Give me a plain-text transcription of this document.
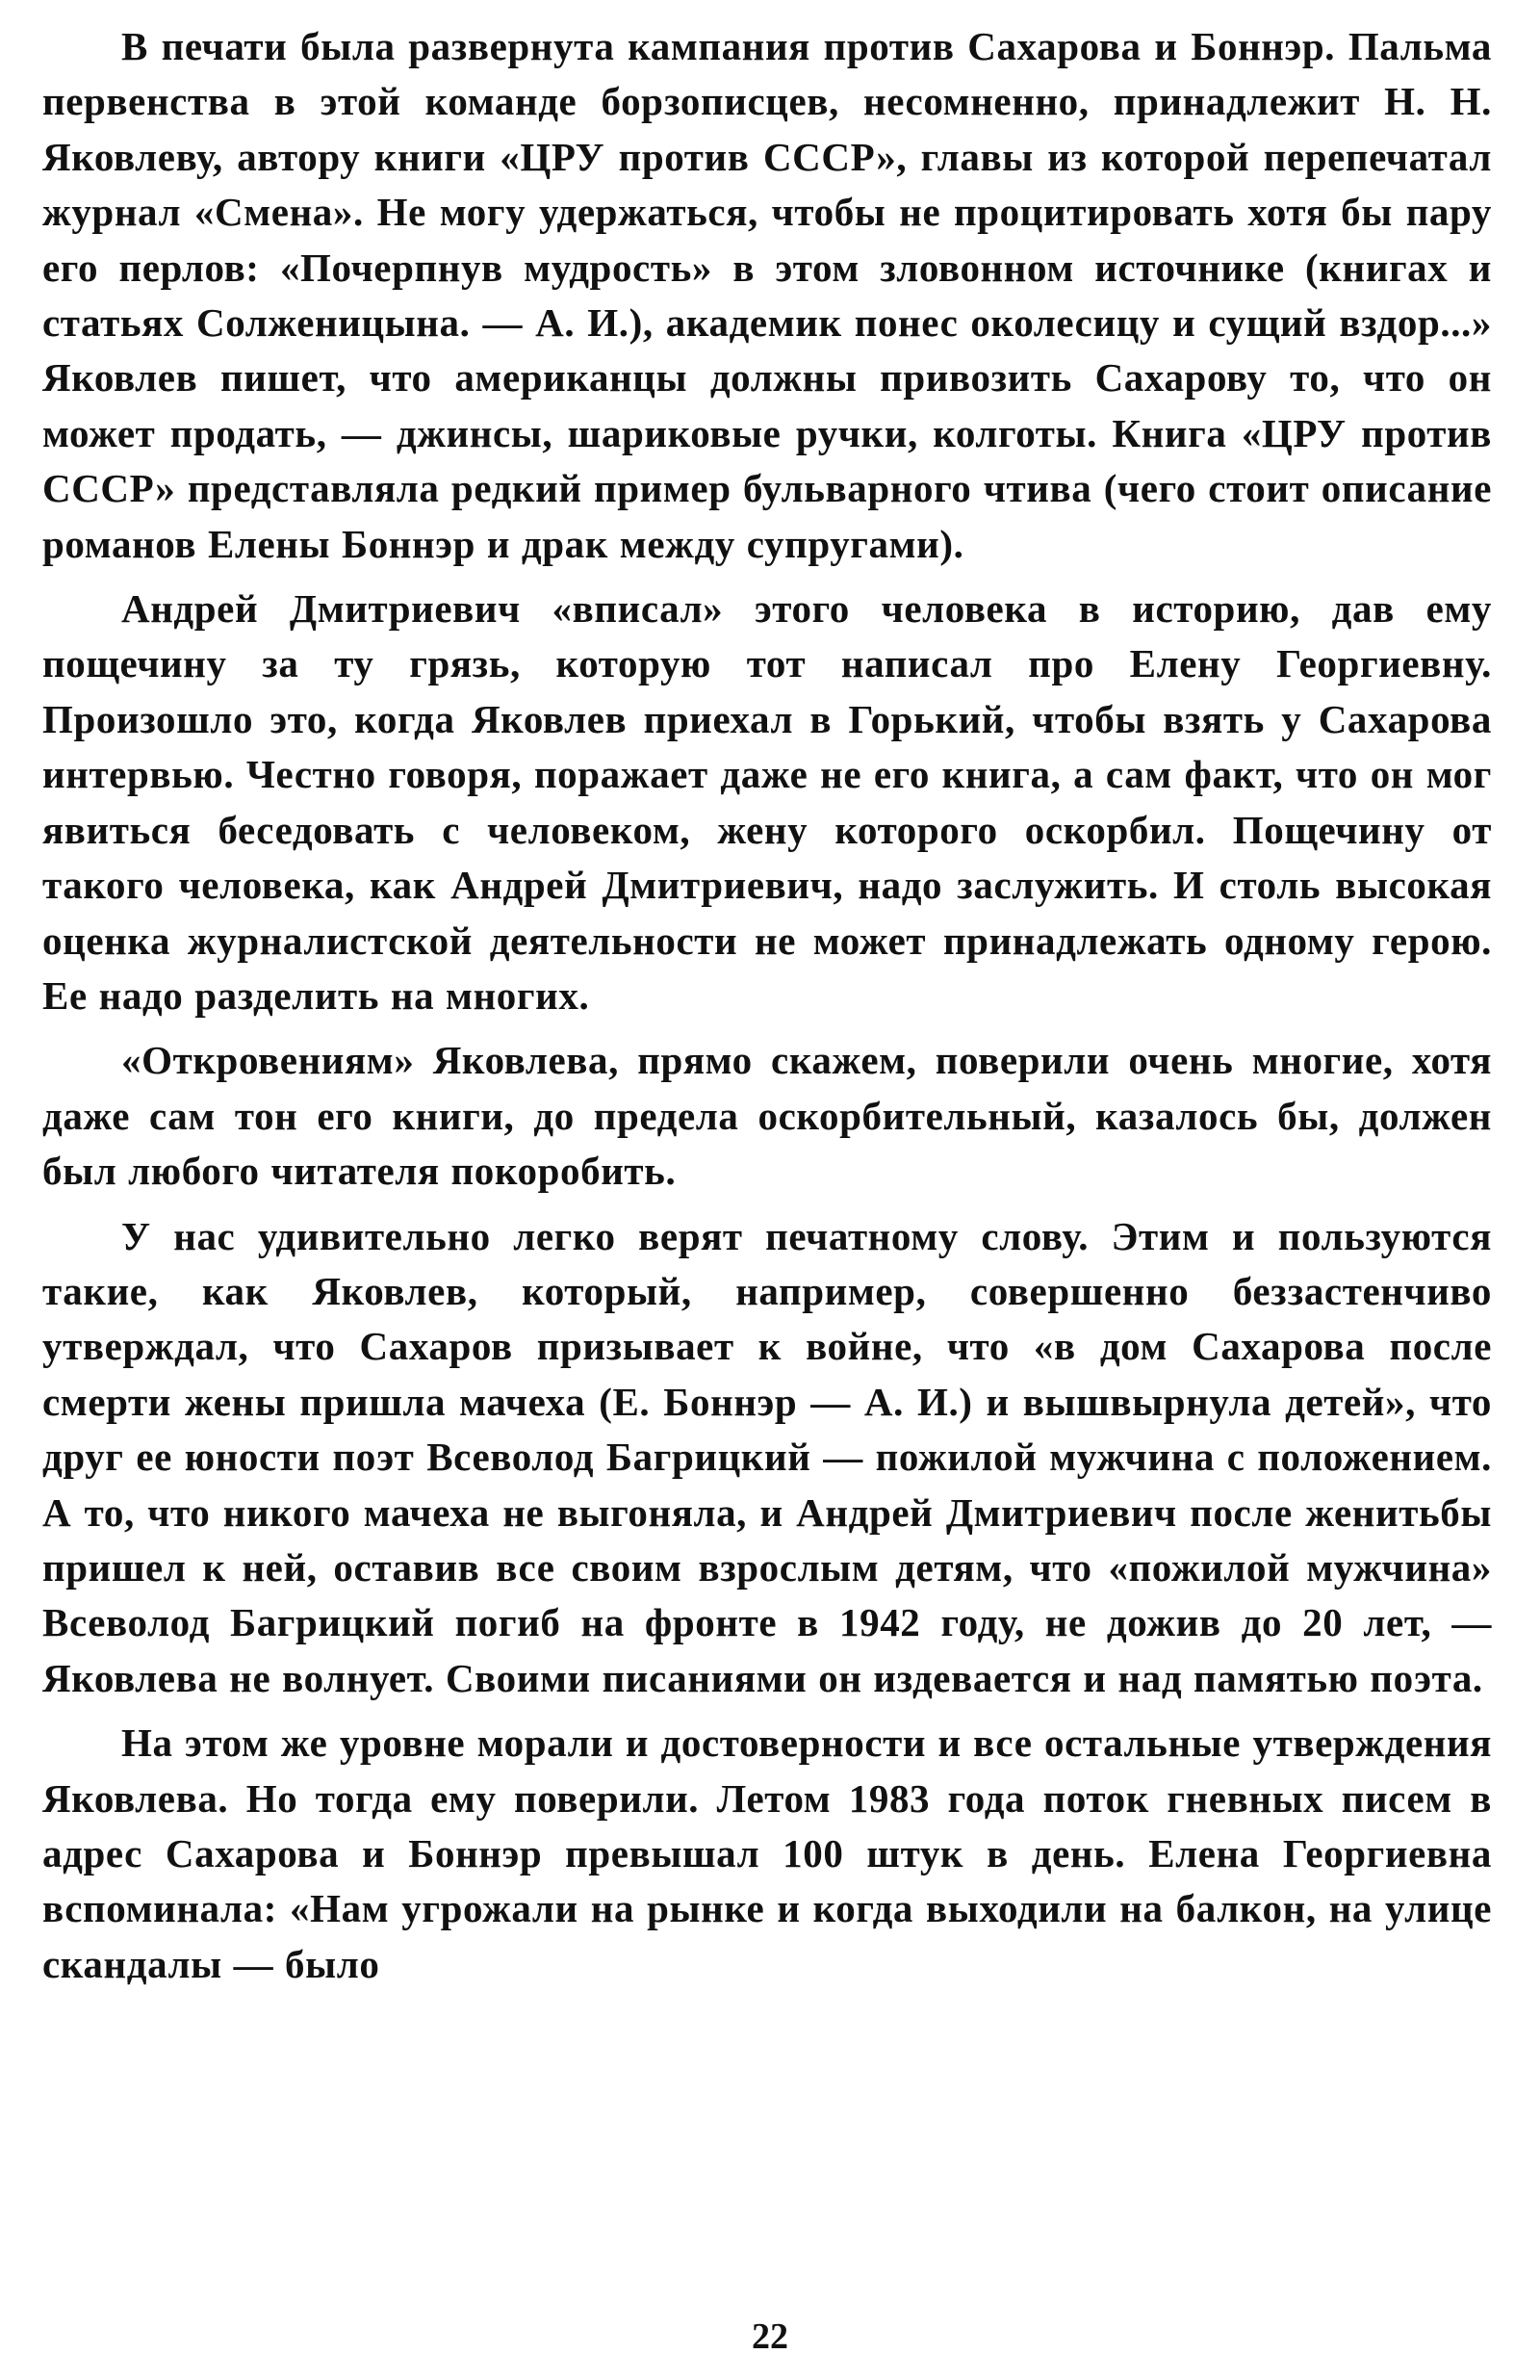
В печати была развернута кампания против Сахарова и Боннэр. Пальма первенства в этой команде борзописцев, несомненно, принадлежит Н. Н. Яковлеву, автору книги «ЦРУ против СССР», главы из которой перепечатал журнал «Смена». Не могу удержаться, чтобы не процитировать хотя бы пару его перлов: «Почерпнув мудрость» в этом зловонном источнике (книгах и статьях Солженицына. — А. И.), академик понес околесицу и сущий вздор...» Яковлев пишет, что американцы должны привозить Сахарову то, что он может продать, — джинсы, шариковые ручки, колготы. Книга «ЦРУ против СССР» представляла редкий пример бульварного чтива (чего стоит описание романов Елены Боннэр и драк между супругами).

Андрей Дмитриевич «вписал» этого человека в историю, дав ему пощечину за ту грязь, которую тот написал про Елену Георгиевну. Произошло это, когда Яковлев приехал в Горький, чтобы взять у Сахарова интервью. Честно говоря, поражает даже не его книга, а сам факт, что он мог явиться беседовать с человеком, жену которого оскорбил. Пощечину от такого человека, как Андрей Дмитриевич, надо заслужить. И столь высокая оценка журналистской деятельности не может принадлежать одному герою. Ее надо разделить на многих.

«Откровениям» Яковлева, прямо скажем, поверили очень многие, хотя даже сам тон его книги, до предела оскорбительный, казалось бы, должен был любого читателя покоробить.

У нас удивительно легко верят печатному слову. Этим и пользуются такие, как Яковлев, который, например, совершенно беззастенчиво утверждал, что Сахаров призывает к войне, что «в дом Сахарова после смерти жены пришла мачеха (Е. Боннэр — А. И.) и вышвырнула детей», что друг ее юности поэт Всеволод Багрицкий — пожилой мужчина с положением. А то, что никого мачеха не выгоняла, и Андрей Дмитриевич после женитьбы пришел к ней, оставив все своим взрослым детям, что «пожилой мужчина» Всеволод Багрицкий погиб на фронте в 1942 году, не дожив до 20 лет, — Яковлева не волнует. Своими писаниями он издевается и над памятью поэта.

На этом же уровне морали и достоверности и все остальные утверждения Яковлева. Но тогда ему поверили. Летом 1983 года поток гневных писем в адрес Сахарова и Боннэр превышал 100 штук в день. Елена Георгиевна вспоминала: «Нам угрожали на рынке и когда выходили на балкон, на улице скандалы — было

22
